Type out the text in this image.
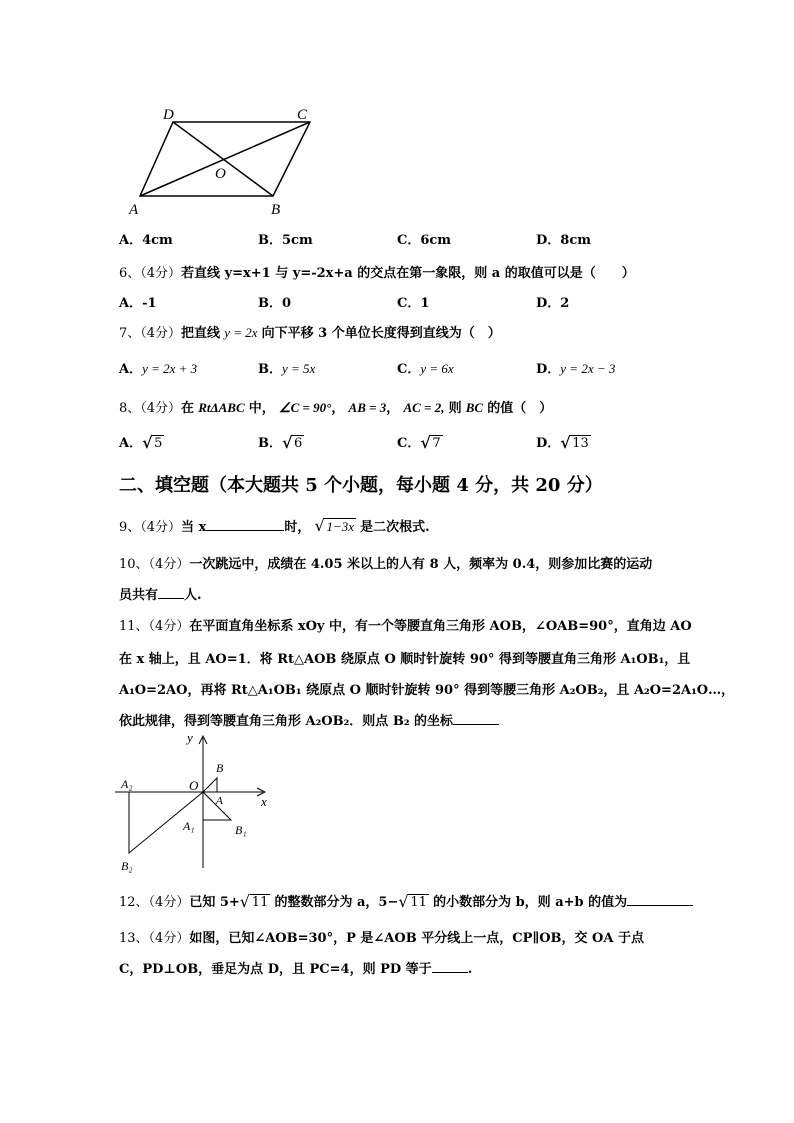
D	C
O
A	B
A．4cm	B．5cm	C．6cm	D．8cm
6、（4分）若直线 y=x+1 与 y=-2x+a 的交点在第一象限，则 a 的取值可以是（　　）
A．-1	B．0	C．1	D．2
7、（4分）把直线 y = 2x 向下平移 3 个单位长度得到直线为（　）
A．y = 2x + 3	B．y = 5x	C．y = 6x	D．y = 2x − 3
8、（4分）在 RtΔABC 中， ∠C = 90°， AB = 3， AC = 2, 则 BC 的值（　）
A． √ 5	B． √ 6	C． √ 7	D． √ 13
二、填空题（本大题共 5 个小题，每小题 4 分，共 20 分）
9、（4分）当 x	时， √ 1−3x 是二次根式.
10、（4分）一次跳远中，成绩在 4.05 米以上的人有 8 人，频率为 0.4，则参加比赛的运动
员共有 人.
11、（4分）在平面直角坐标系 xOy 中，有一个等腰直角三角形 AOB，∠OAB=90°，直角边 AO
在 x 轴上，且 AO=1．将 Rt△AOB 绕原点 O 顺时针旋转 90° 得到等腰直角三角形 A₁OB₁，且
A₁O=2AO，再将 Rt△A₁OB₁ 绕原点 O 顺时针旋转 90° 得到等腰三角形 A₂OB₂，且 A₂O=2A₁O…，
依此规律，得到等腰直角三角形 A₂OB₂．则点 B₂ 的坐标
y
x
O
B
A
A₂
A₁	B₁
B₂
12、（4分）已知 5+ √ 11 的整数部分为 a，5− √ 11 的小数部分为 b，则 a+b 的值为
13、（4分）如图，已知∠AOB=30°，P 是∠AOB 平分线上一点，CP∥OB，交 OA 于点
C，PD⊥OB，垂足为点 D，且 PC=4，则 PD 等于	.
